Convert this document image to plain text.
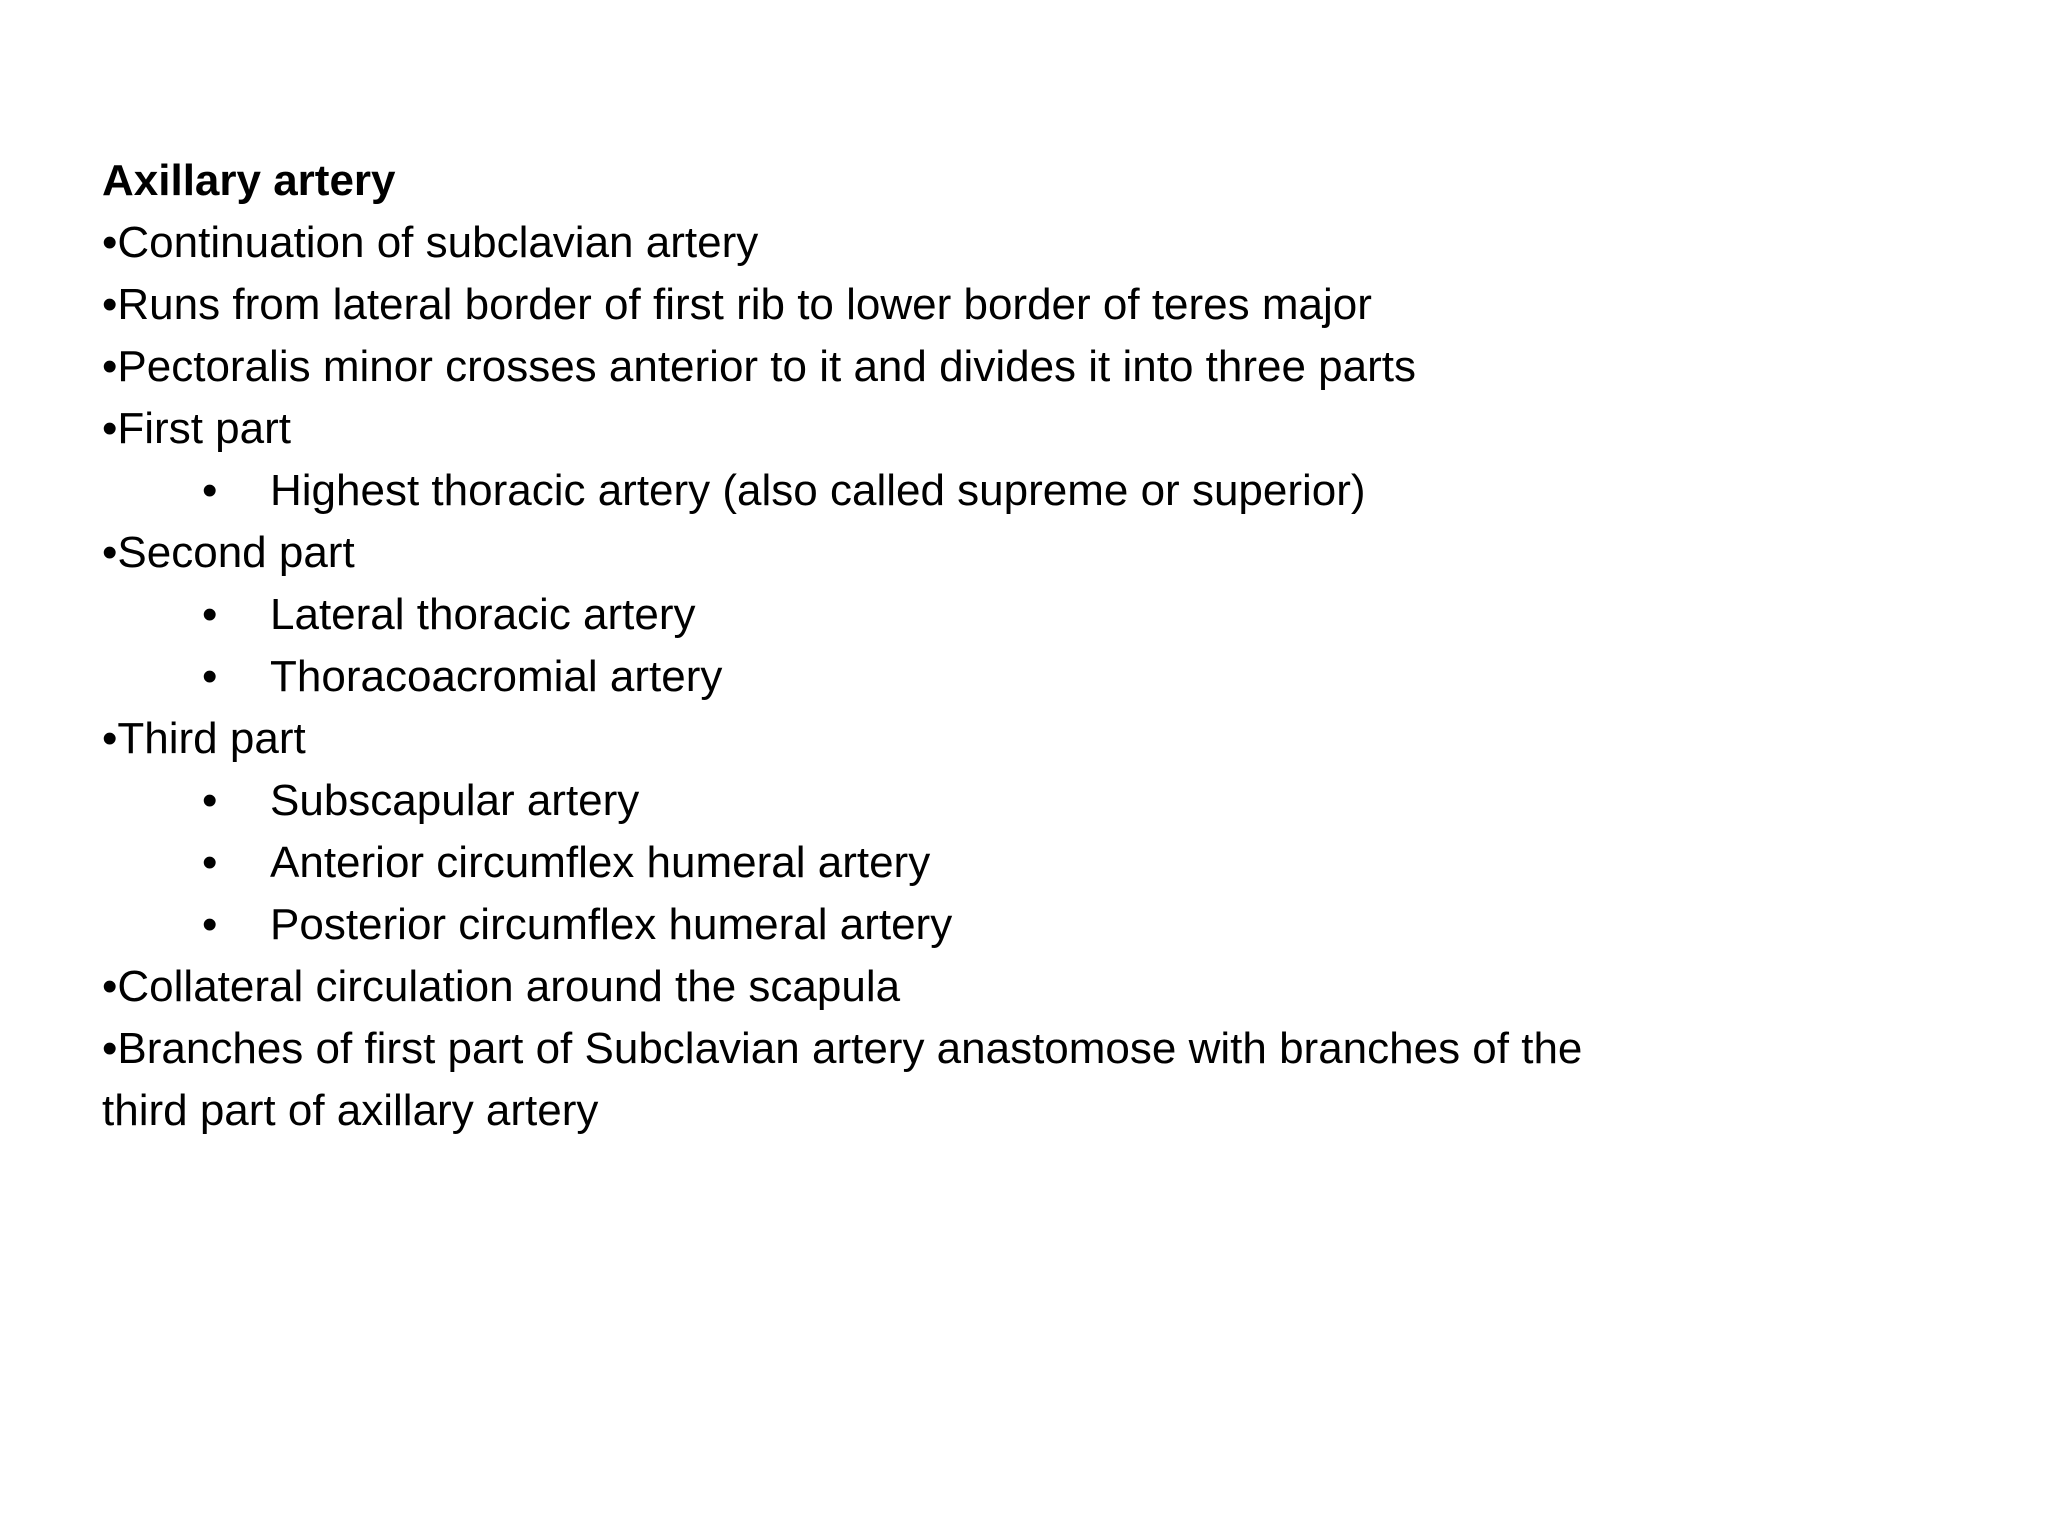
Axillary artery
•Continuation of subclavian artery
•Runs from lateral border of first rib to lower border of teres major
•Pectoralis minor crosses anterior to it and divides it into three parts
•First part
• Highest thoracic artery (also called supreme or superior)
•Second part
• Lateral thoracic artery
• Thoracoacromial artery
•Third part
• Subscapular artery
• Anterior circumflex humeral artery
• Posterior circumflex humeral artery
•Collateral circulation around the scapula
•Branches of first part of Subclavian artery anastomose with branches of the
third part of axillary artery
